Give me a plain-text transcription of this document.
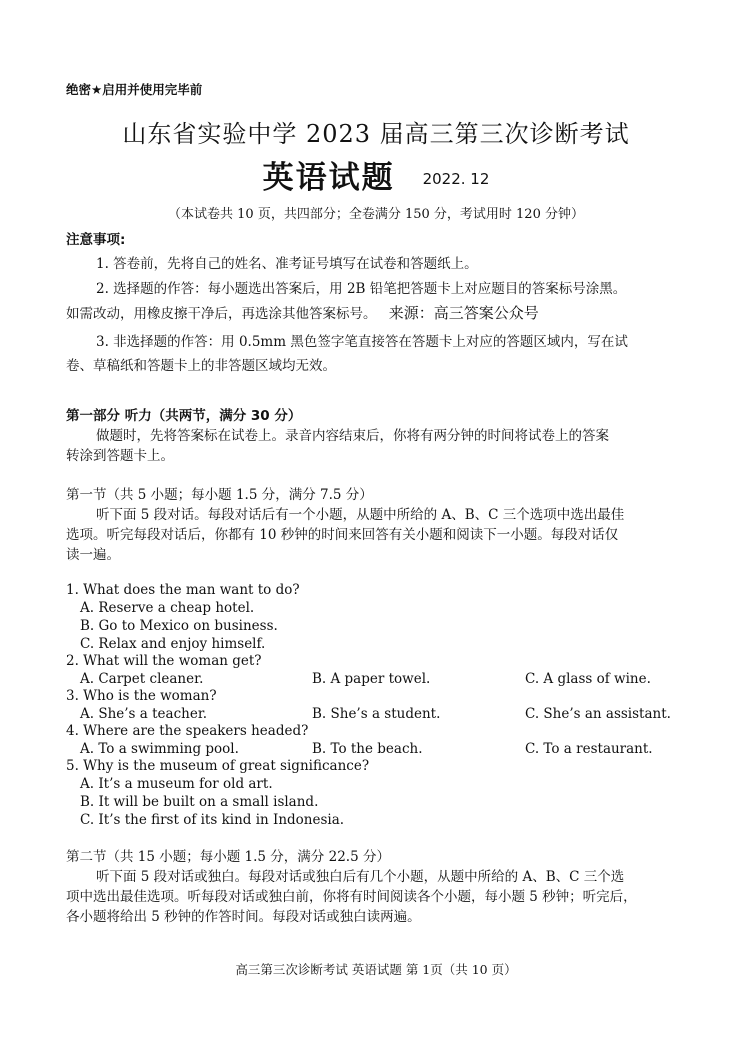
绝密★启用并使用完毕前
山东省实验中学 2023 届高三第三次诊断考试
英语试题 2022. 12
（本试卷共 10 页，共四部分；全卷满分 150 分，考试用时 120 分钟）
注意事项:
1. 答卷前，先将自己的姓名、准考证号填写在试卷和答题纸上。
2. 选择题的作答：每小题选出答案后，用 2B 铅笔把答题卡上对应题目的答案标号涂黑。
如需改动，用橡皮擦干净后，再选涂其他答案标号。 来源：高三答案公众号
3. 非选择题的作答：用 0.5mm 黑色签字笔直接答在答题卡上对应的答题区域内，写在试
卷、草稿纸和答题卡上的非答题区域均无效。
第一部分 听力（共两节，满分 30 分）
做题时，先将答案标在试卷上。录音内容结束后，你将有两分钟的时间将试卷上的答案
转涂到答题卡上。
第一节（共 5 小题；每小题 1.5 分，满分 7.5 分）
听下面 5 段对话。每段对话后有一个小题，从题中所给的 A、B、C 三个选项中选出最佳
选项。听完每段对话后，你都有 10 秒钟的时间来回答有关小题和阅读下一小题。每段对话仅
读一遍。
1. What does the man want to do?
A. Reserve a cheap hotel.
B. Go to Mexico on business.
C. Relax and enjoy himself.
2. What will the woman get?
A. Carpet cleaner.	B. A paper towel.	C. A glass of wine.
3. Who is the woman?
A. She’s a teacher.	B. She’s a student.	C. She’s an assistant.
4. Where are the speakers headed?
A. To a swimming pool.	B. To the beach.	C. To a restaurant.
5. Why is the museum of great significance?
A. It’s a museum for old art.
B. It will be built on a small island.
C. It’s the first of its kind in Indonesia.
第二节（共 15 小题；每小题 1.5 分，满分 22.5 分）
听下面 5 段对话或独白。每段对话或独白后有几个小题，从题中所给的 A、B、C 三个选
项中选出最佳选项。听每段对话或独白前，你将有时间阅读各个小题，每小题 5 秒钟；听完后，
各小题将给出 5 秒钟的作答时间。每段对话或独白读两遍。
高三第三次诊断考试 英语试题 第 1页（共 10 页）
